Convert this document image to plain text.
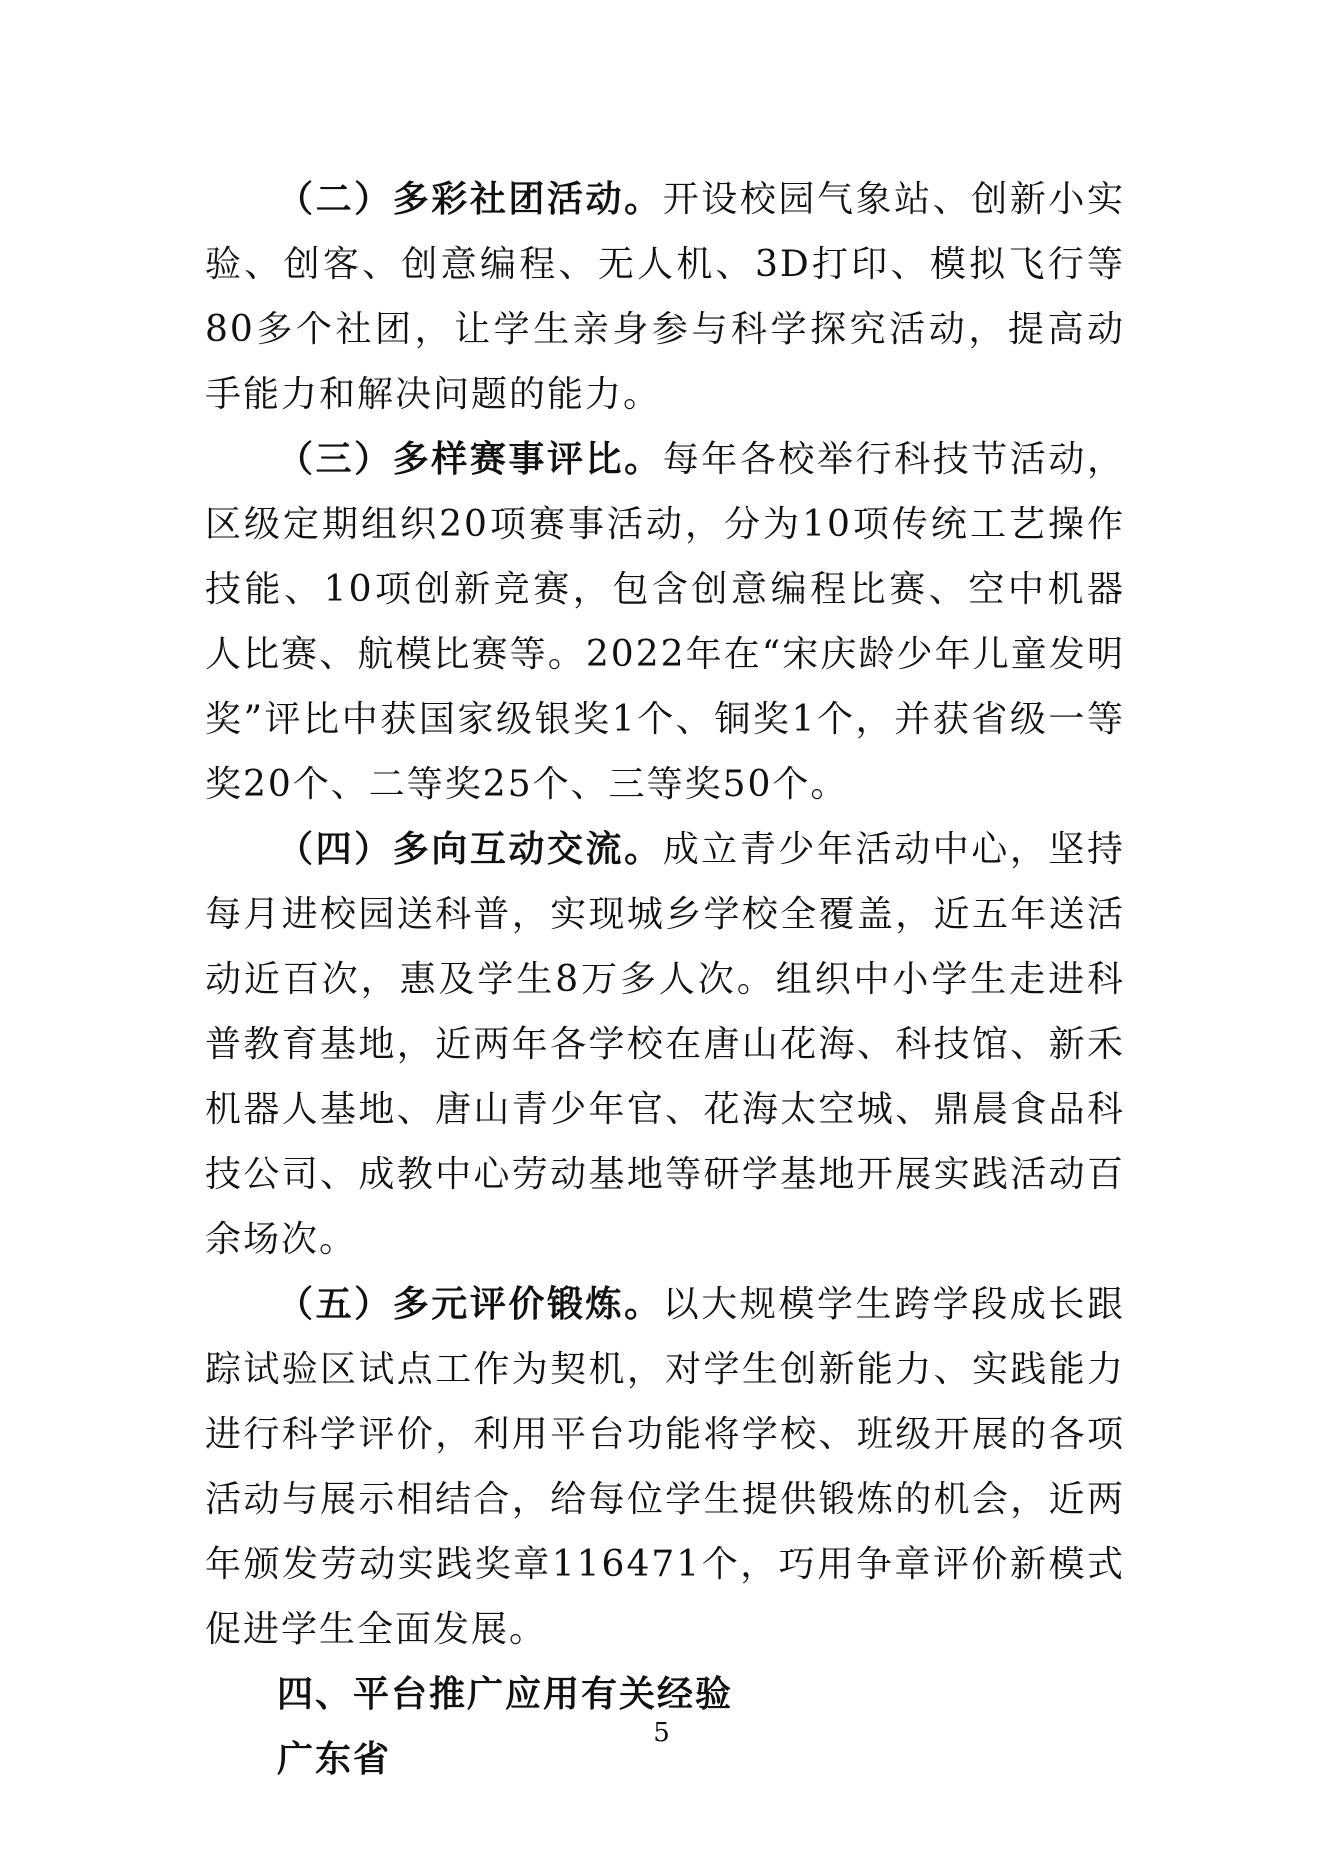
（二）多彩社团活动。开设校园气象站、创新小实验、创客、创意编程、无人机、3D打印、模拟飞行等80多个社团，让学生亲身参与科学探究活动，提高动手能力和解决问题的能力。

（三）多样赛事评比。每年各校举行科技节活动，区级定期组织20项赛事活动，分为10项传统工艺操作技能、10项创新竞赛，包含创意编程比赛、空中机器人比赛、航模比赛等。2022年在“宋庆龄少年儿童发明奖”评比中获国家级银奖1个、铜奖1个，并获省级一等奖20个、二等奖25个、三等奖50个。

（四）多向互动交流。成立青少年活动中心，坚持每月进校园送科普，实现城乡学校全覆盖，近五年送活动近百次，惠及学生8万多人次。组织中小学生走进科普教育基地，近两年各学校在唐山花海、科技馆、新禾机器人基地、唐山青少年官、花海太空城、鼎晨食品科技公司、成教中心劳动基地等研学基地开展实践活动百余场次。

（五）多元评价锻炼。以大规模学生跨学段成长跟踪试验区试点工作为契机，对学生创新能力、实践能力进行科学评价，利用平台功能将学校、班级开展的各项活动与展示相结合，给每位学生提供锻炼的机会，近两年颁发劳动实践奖章116471个，巧用争章评价新模式促进学生全面发展。

四、平台推广应用有关经验

广东省

5
